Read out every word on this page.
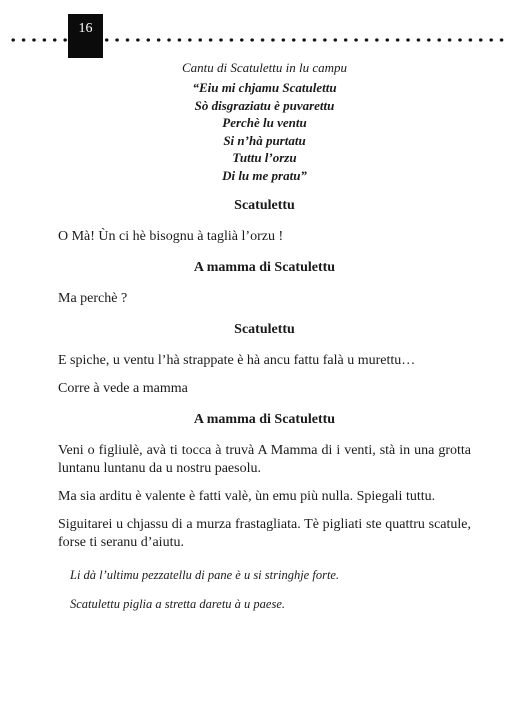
16
Cantu di Scatulettu in lu campu
“Eiu mi chjamu Scatulettu
Sò disgraziatu è puvarettu
Perchè lu ventu
Si n’hà purtatu
Tuttu l’orzu
Di lu me pratu”
Scatulettu

O Mà! Ùn ci hè bisognu à taglià l’orzu !

A mamma di Scatulettu

Ma perchè ?

Scatulettu

E spiche, u ventu l’hà strappate è hà ancu fattu falà u murettu…

Corre à vede a mamma

A mamma di Scatulettu

Veni o figliulè, avà ti tocca à truvà A Mamma di i venti, stà in una grotta luntanu luntanu da u nostru paesolu.

Ma sia arditu è valente è fatti valè, ùn emu più nulla. Spiegali tuttu.

Siguitarei u chjassu di a murza frastagliata. Tè pigliati ste quattru scatule, forse ti seranu d’aiutu.

Li dà l’ultimu pezzatellu di pane è u si stringhje forte.
Scatulettu piglia a stretta daretu à u paese.
